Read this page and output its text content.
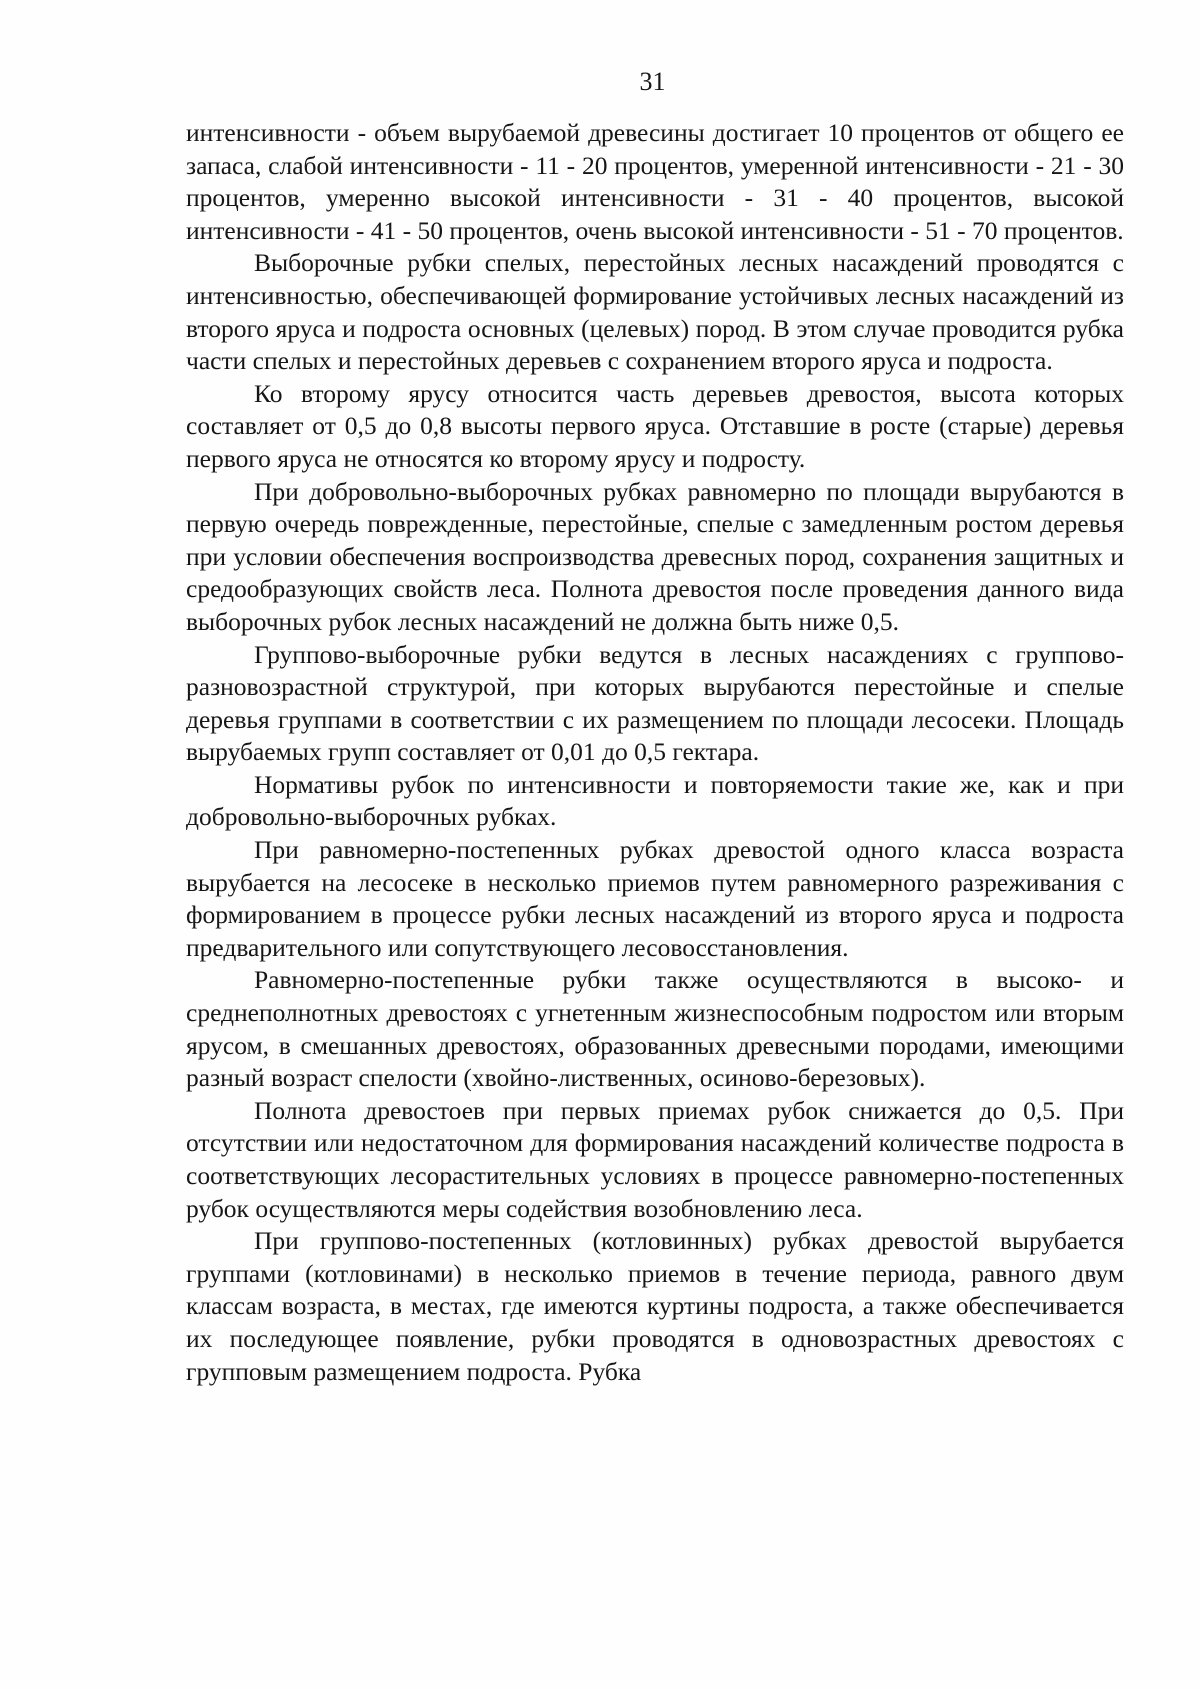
31

интенсивности - объем вырубаемой древесины достигает 10 процентов от общего ее запаса, слабой интенсивности - 11 - 20 процентов, умеренной интенсивности - 21 - 30 процентов, умеренно высокой интенсивности - 31 - 40 процентов, высокой интенсивности - 41 - 50 процентов, очень высокой интенсивности - 51 - 70 процентов.

Выборочные рубки спелых, перестойных лесных насаждений проводятся с интенсивностью, обеспечивающей формирование устойчивых лесных насаждений из второго яруса и подроста основных (целевых) пород. В этом случае проводится рубка части спелых и перестойных деревьев с сохранением второго яруса и подроста.

Ко второму ярусу относится часть деревьев древостоя, высота которых составляет от 0,5 до 0,8 высоты первого яруса. Отставшие в росте (старые) деревья первого яруса не относятся ко второму ярусу и подросту.

При добровольно-выборочных рубках равномерно по площади вырубаются в первую очередь поврежденные, перестойные, спелые с замедленным ростом деревья при условии обеспечения воспроизводства древесных пород, сохранения защитных и средообразующих свойств леса. Полнота древостоя после проведения данного вида выборочных рубок лесных насаждений не должна быть ниже 0,5.

Группово-выборочные рубки ведутся в лесных насаждениях с группово-разновозрастной структурой, при которых вырубаются перестойные и спелые деревья группами в соответствии с их размещением по площади лесосеки. Площадь вырубаемых групп составляет от 0,01 до 0,5 гектара.

Нормативы рубок по интенсивности и повторяемости такие же, как и при добровольно-выборочных рубках.

При равномерно-постепенных рубках древостой одного класса возраста вырубается на лесосеке в несколько приемов путем равномерного разреживания с формированием в процессе рубки лесных насаждений из второго яруса и подроста предварительного или сопутствующего лесовосстановления.

Равномерно-постепенные рубки также осуществляются в высоко- и среднеполнотных древостоях с угнетенным жизнеспособным подростом или вторым ярусом, в смешанных древостоях, образованных древесными породами, имеющими разный возраст спелости (хвойно-лиственных, осиново-березовых).

Полнота древостоев при первых приемах рубок снижается до 0,5. При отсутствии или недостаточном для формирования насаждений количестве подроста в соответствующих лесорастительных условиях в процессе равномерно-постепенных рубок осуществляются меры содействия возобновлению леса.

При группово-постепенных (котловинных) рубках древостой вырубается группами (котловинами) в несколько приемов в течение периода, равного двум классам возраста, в местах, где имеются куртины подроста, а также обеспечивается их последующее появление, рубки проводятся в одновозрастных древостоях с групповым размещением подроста. Рубка
